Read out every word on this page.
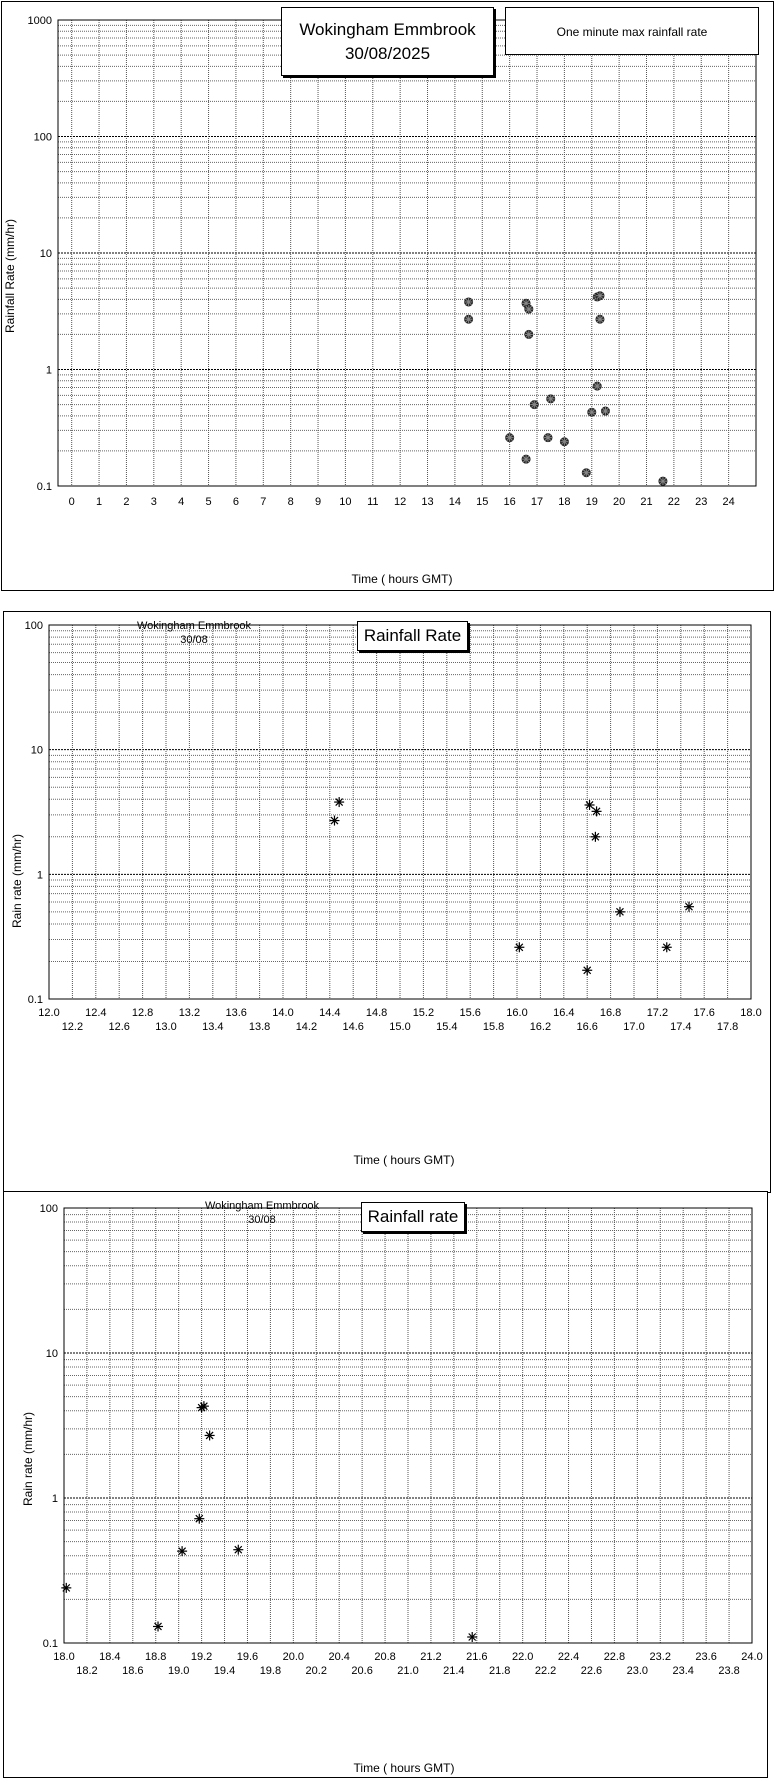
0.1
1
10
100
1000
0 1 2 3 4 5 6 7 8 9 10 11 12 13 14 15 16 17 18 19 20 21 22 23 24
Wokingham Emmbrook
30/08/2025
One minute max rainfall rate
Rainfall Rate (mm/hr)
Time ( hours GMT)
0.1
1
10
100
12.0 12.4 12.8 13.2 13.6 14.0 14.4 14.8 15.2 15.6 16.0 16.4 16.8 17.2 17.6 18.0
12.2 12.6 13.0 13.4 13.8 14.2 14.6 15.0 15.4 15.8 16.2 16.6 17.0 17.4 17.8
Wokingham Emmbrook
30/08	Rainfall Rate
Rain rate (mm/hr)
Time ( hours GMT)
0.1
1
10
100
18.0 18.4 18.8 19.2 19.6 20.0 20.4 20.8 21.2 21.6 22.0 22.4 22.8 23.2 23.6 24.0
18.2 18.6 19.0 19.4 19.8 20.2 20.6 21.0 21.4 21.8 22.2 22.6 23.0 23.4 23.8
Wokingham Emmbrook
30/08	Rainfall rate
Rain rate (mm/hr)
Time ( hours GMT)
